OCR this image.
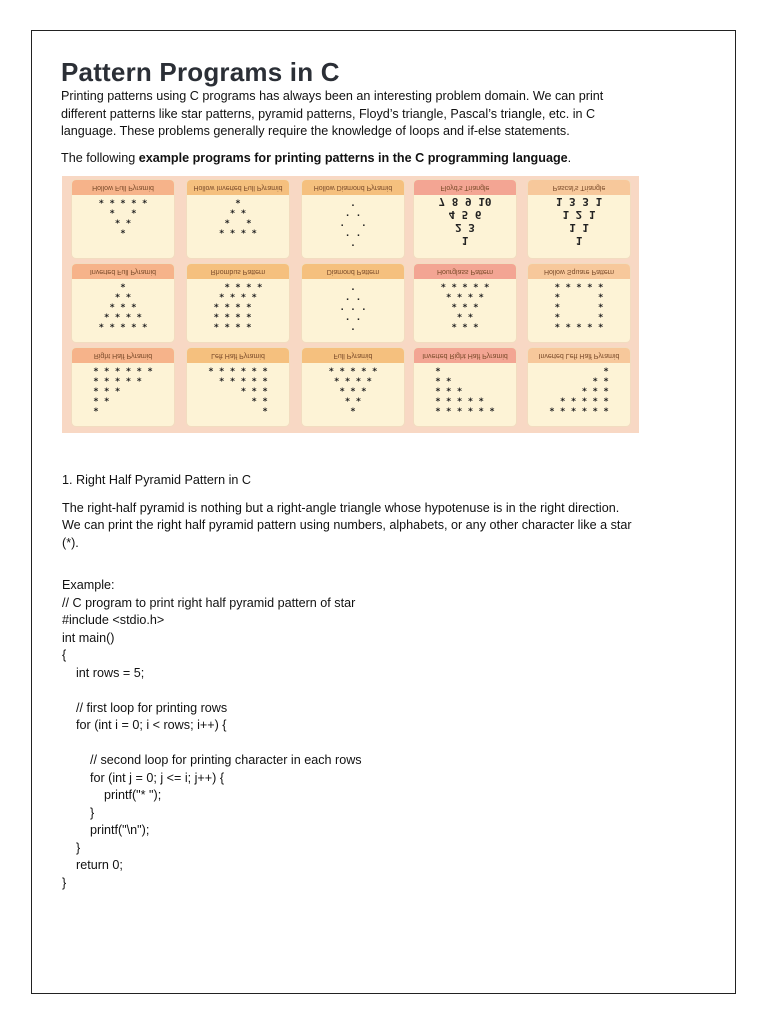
Pattern Programs in C

Printing patterns using C programs has always been an interesting problem domain. We can print different patterns like star patterns, pyramid patterns, Floyd’s triangle, Pascal’s triangle, etc. in C language. These problems generally require the knowledge of loops and if-else statements.

The following example programs for printing patterns in the C programming language.

Hollow Full Pyramid
* * * * *
*   *
* *
*
Hollow Inverted Full Pyramid
*
* *
*   *
* * * *
Hollow Diamond Pyramid
.
. .
.   .
. .
.
Floyd’s Triangle
1
2 3
4 5 6
7 8 9 10
Pascal’s Triangle
1
1 1
1 2 1
1 3 3 1
Inverted Full Pyramid
*
* *
* * *
* * * *
* * * * *
Rhombus Pattern
* * * *
* * * *
* * * *
* * * *
* * * *
Diamond Pattern
.
. .
. . .
. .
.
Hourglass Pattern
* * * * *
* * * *
* * *
* *
* * *
Hollow Square Pattern
* * * * *
*       *
*       *
*       *
* * * * *
Right Half Pyramid
* * * * * *
* * * * *
* * *
* *
*
Left Half Pyramid
* * * * * *
* * * * *
* * *
* *
*
Full Pyramid
* * * * *
* * * *
* * *
* *
*
Inverted Right Half Pyramid
*
* *
* * *
* * * * *
* * * * * *
Inverted Left Half Pyramid
*
* *
* * *
* * * * *
* * * * * *

1. Right Half Pyramid Pattern in C

The right-half pyramid is nothing but a right-angle triangle whose hypotenuse is in the right direction. We can print the right half pyramid pattern using numbers, alphabets, or any other character like a star (*).

Example:
// C program to print right half pyramid pattern of star
#include <stdio.h>
int main()
{
int rows = 5;
// first loop for printing rows
for (int i = 0; i < rows; i++) {
// second loop for printing character in each rows
for (int j = 0; j <= i; j++) {
printf("* ");
}
printf("\n");
}
return 0;
}
